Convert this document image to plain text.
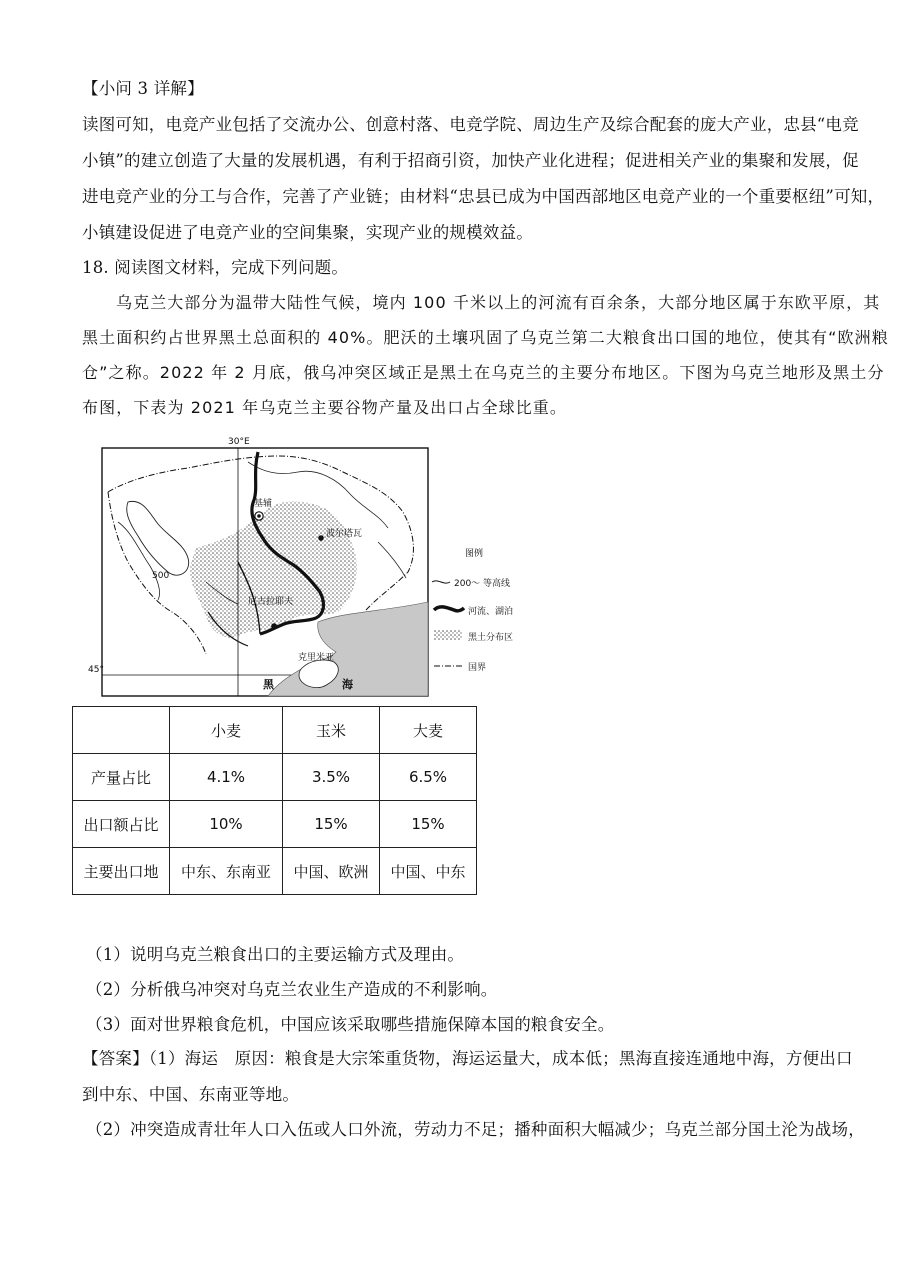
【小问 3 详解】
读图可知，电竞产业包括了交流办公、创意村落、电竞学院、周边生产及综合配套的庞大产业，忠县“电竞
小镇”的建立创造了大量的发展机遇，有利于招商引资，加快产业化进程；促进相关产业的集聚和发展，促
进电竞产业的分工与合作，完善了产业链；由材料“忠县已成为中国西部地区电竞产业的一个重要枢纽”可知，
小镇建设促进了电竞产业的空间集聚，实现产业的规模效益。
18. 阅读图文材料，完成下列问题。
乌克兰大部分为温带大陆性气候，境内 100 千米以上的河流有百余条，大部分地区属于东欧平原，其
黑土面积约占世界黑土总面积的 40%。肥沃的土壤巩固了乌克兰第二大粮食出口国的地位，使其有“欧洲粮
仓”之称。2022 年 2 月底，俄乌冲突区域正是黑土在乌克兰的主要分布地区。下图为乌克兰地形及黑土分
布图，下表为 2021 年乌克兰主要谷物产量及出口占全球比重。
30°E
45°
500
基辅
波尔塔瓦
尼古拉耶夫
克里米亚
黑	海
图例
200～ 等高线
河流、湖泊
黑土分布区
国界
	小麦	玉米	大麦
产量占比	4.1%	3.5%	6.5%
出口额占比	10%	15%	15%
主要出口地	中东、东南亚	中国、欧洲	中国、中东
（1）说明乌克兰粮食出口的主要运输方式及理由。
（2）分析俄乌冲突对乌克兰农业生产造成的不利影响。
（3）面对世界粮食危机，中国应该采取哪些措施保障本国的粮食安全。
【答案】（1）海运　原因：粮食是大宗笨重货物，海运运量大，成本低；黑海直接连通地中海，方便出口
到中东、中国、东南亚等地。
（2）冲突造成青壮年人口入伍或人口外流，劳动力不足；播种面积大幅减少；乌克兰部分国土沦为战场，
